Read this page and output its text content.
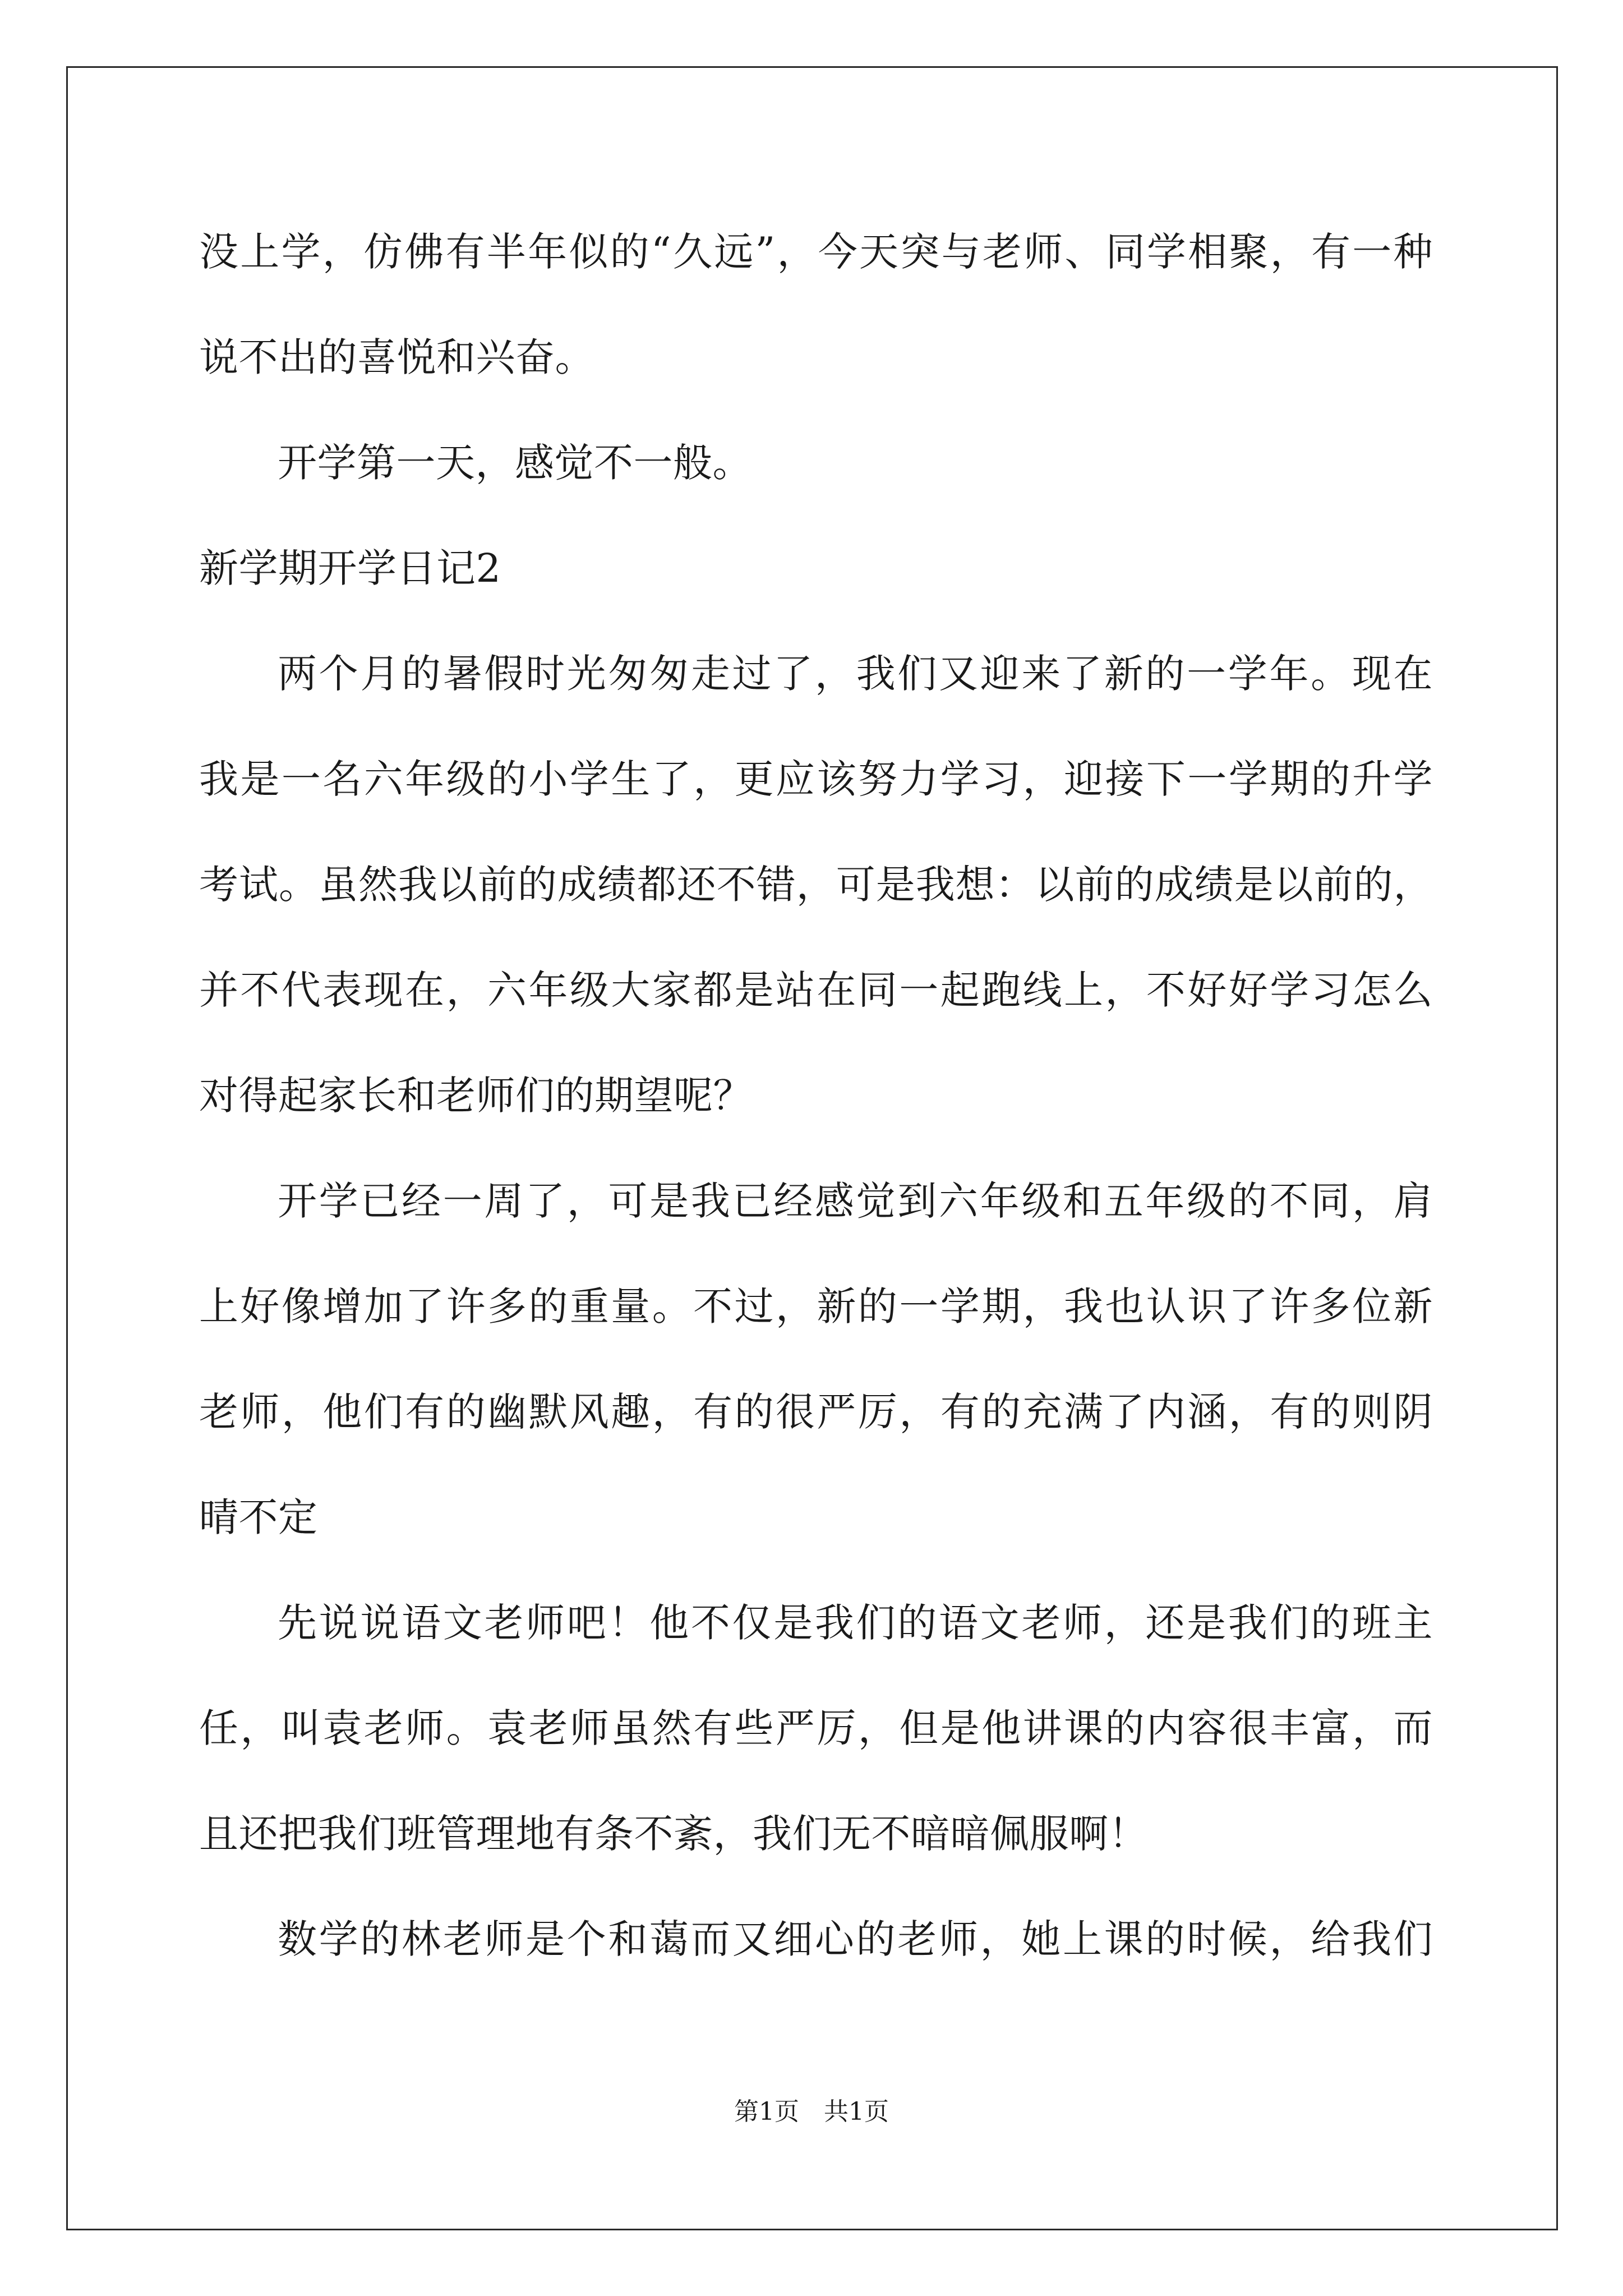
没上学，仿佛有半年似的“久远”，今天突与老师、同学相聚，有一种
说不出的喜悦和兴奋。
开学第一天，感觉不一般。
新学期开学日记2
两个月的暑假时光匆匆走过了，我们又迎来了新的一学年。现在
我是一名六年级的小学生了，更应该努力学习，迎接下一学期的升学
考试。虽然我以前的成绩都还不错，可是我想：以前的成绩是以前的，
并不代表现在，六年级大家都是站在同一起跑线上，不好好学习怎么
对得起家长和老师们的期望呢？
开学已经一周了，可是我已经感觉到六年级和五年级的不同，肩
上好像增加了许多的重量。不过，新的一学期，我也认识了许多位新
老师，他们有的幽默风趣，有的很严厉，有的充满了内涵，有的则阴
晴不定
先说说语文老师吧！他不仅是我们的语文老师，还是我们的班主
任，叫袁老师。袁老师虽然有些严厉，但是他讲课的内容很丰富，而
且还把我们班管理地有条不紊，我们无不暗暗佩服啊！
数学的林老师是个和蔼而又细心的老师，她上课的时候，给我们
第1页　共1页
